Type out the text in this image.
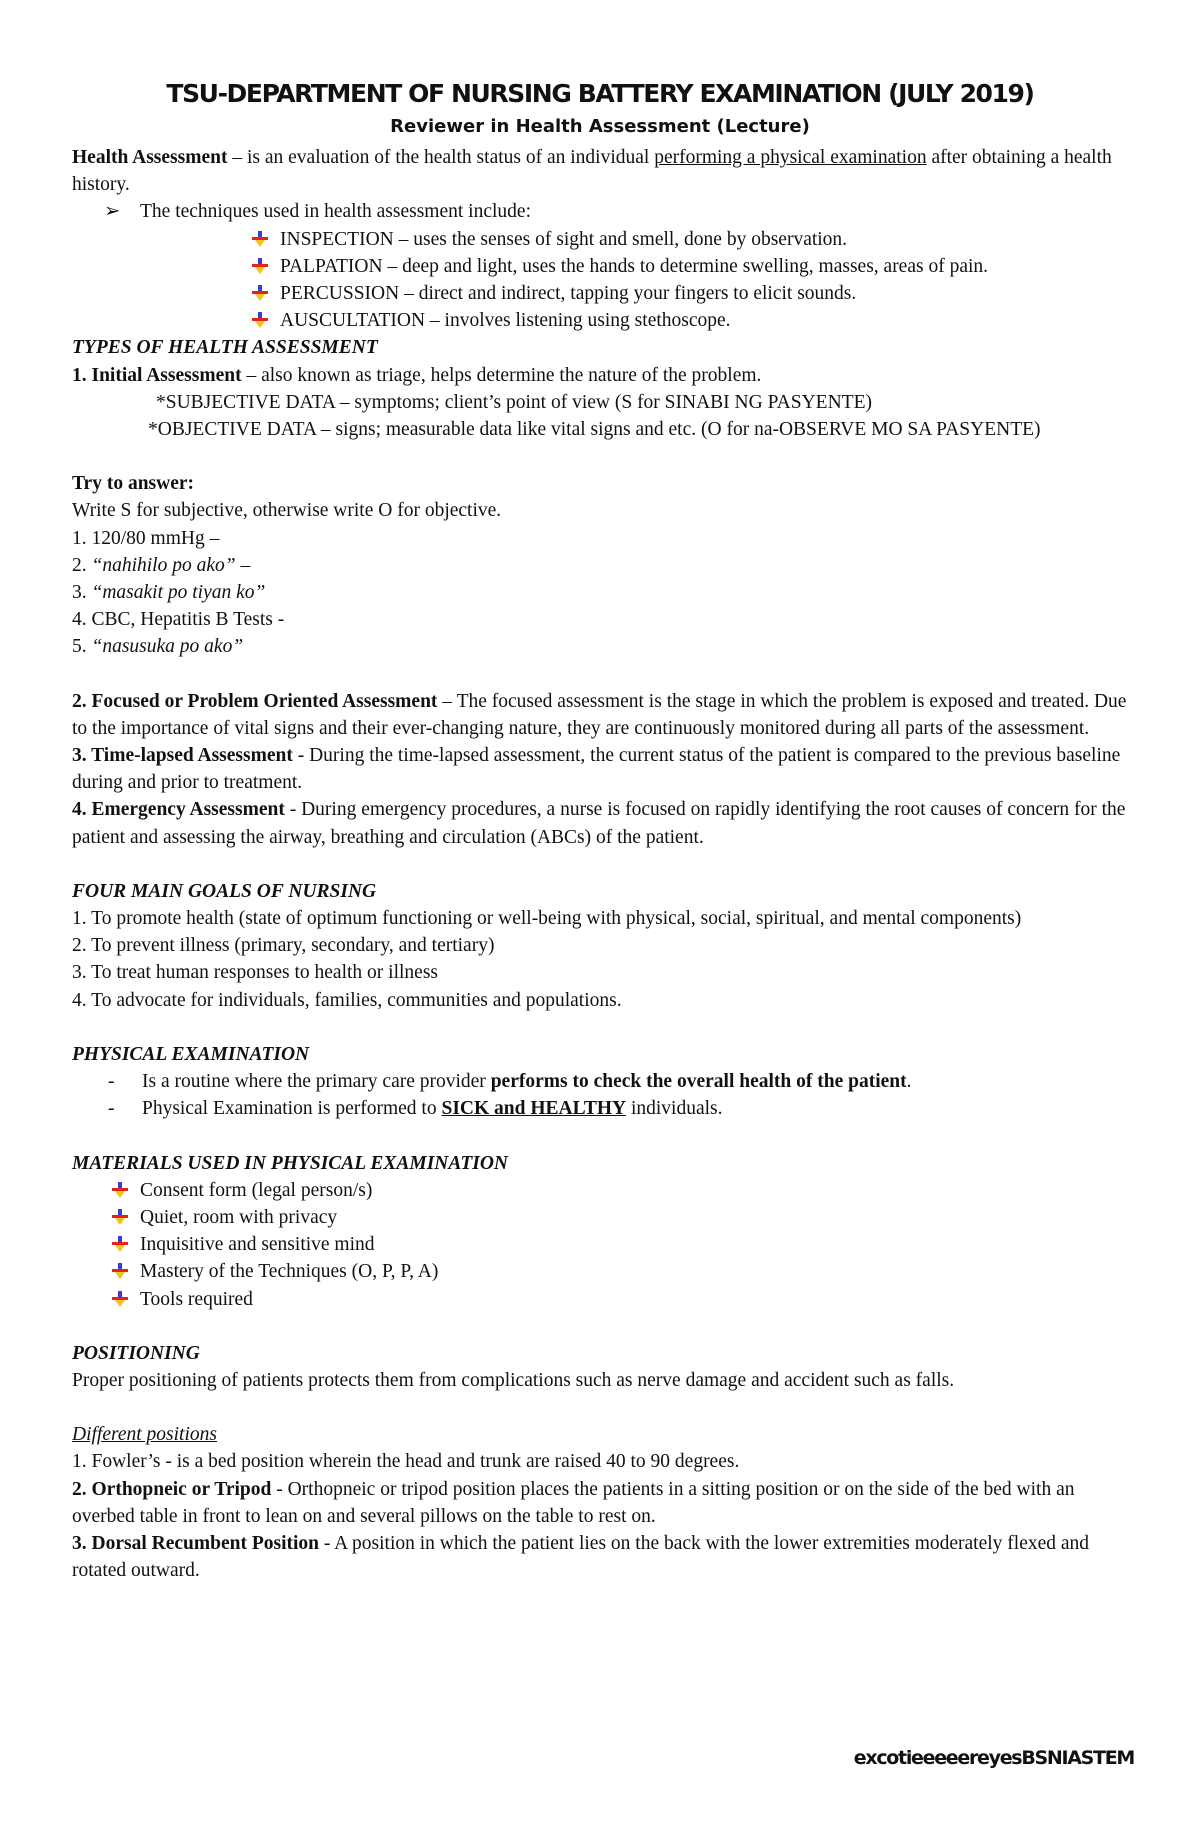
TSU-DEPARTMENT OF NURSING BATTERY EXAMINATION (JULY 2019)
Reviewer in Health Assessment (Lecture)

Health Assessment – is an evaluation of the health status of an individual performing a physical examination after obtaining a health history.

➢ The techniques used in health assessment include:

INSPECTION – uses the senses of sight and smell, done by observation.
PALPATION – deep and light, uses the hands to determine swelling, masses, areas of pain.
PERCUSSION – direct and indirect, tapping your fingers to elicit sounds.
AUSCULTATION – involves listening using stethoscope.

TYPES OF HEALTH ASSESSMENT

1. Initial Assessment – also known as triage, helps determine the nature of the problem.

*SUBJECTIVE DATA – symptoms; client’s point of view (S for SINABI NG PASYENTE)

*OBJECTIVE DATA – signs; measurable data like vital signs and etc. (O for na-OBSERVE MO SA PASYENTE)

Try to answer:

Write S for subjective, otherwise write O for objective.

1. 120/80 mmHg –

2. “nahihilo po ako” –

3. “masakit po tiyan ko”

4. CBC, Hepatitis B Tests -

5. “nasusuka po ako”

2. Focused or Problem Oriented Assessment – The focused assessment is the stage in which the problem is exposed and treated. Due to the importance of vital signs and their ever-changing nature, they are continuously monitored during all parts of the assessment.

3. Time-lapsed Assessment - During the time-lapsed assessment, the current status of the patient is compared to the previous baseline during and prior to treatment.

4. Emergency Assessment - During emergency procedures, a nurse is focused on rapidly identifying the root causes of concern for the patient and assessing the airway, breathing and circulation (ABCs) of the patient.

FOUR MAIN GOALS OF NURSING

1. To promote health (state of optimum functioning or well-being with physical, social, spiritual, and mental components)

2. To prevent illness (primary, secondary, and tertiary)

3. To treat human responses to health or illness

4. To advocate for individuals, families, communities and populations.

PHYSICAL EXAMINATION

- Is a routine where the primary care provider performs to check the overall health of the patient.
- Physical Examination is performed to SICK and HEALTHY individuals.

MATERIALS USED IN PHYSICAL EXAMINATION

Consent form (legal person/s)
Quiet, room with privacy
Inquisitive and sensitive mind
Mastery of the Techniques (O, P, P, A)
Tools required

POSITIONING

Proper positioning of patients protects them from complications such as nerve damage and accident such as falls.

Different positions

1. Fowler’s - is a bed position wherein the head and trunk are raised 40 to 90 degrees.

2. Orthopneic or Tripod - Orthopneic or tripod position places the patients in a sitting position or on the side of the bed with an overbed table in front to lean on and several pillows on the table to rest on.

3. Dorsal Recumbent Position - A position in which the patient lies on the back with the lower extremities moderately flexed and rotated outward.

excotieeeeereyesBSNIASTEM
